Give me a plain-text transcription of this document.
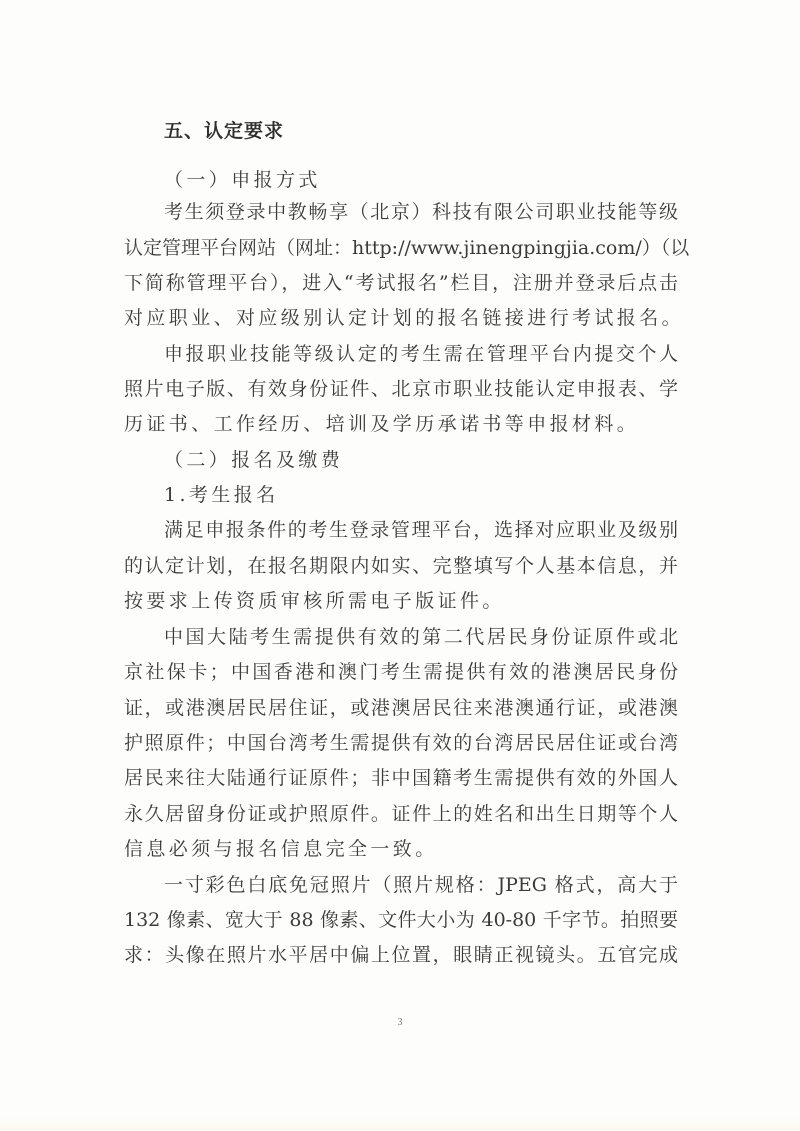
五、认定要求
（一）申报方式
考生须登录中教畅享（北京）科技有限公司职业技能等级
认定管理平台网站（网址：http://www.jinengpingjia.com/）（以
下简称管理平台），进入“考试报名”栏目，注册并登录后点击
对应职业、对应级别认定计划的报名链接进行考试报名。
申报职业技能等级认定的考生需在管理平台内提交个人
照片电子版、有效身份证件、北京市职业技能认定申报表、学
历证书、工作经历、培训及学历承诺书等申报材料。
（二）报名及缴费
1.考生报名
满足申报条件的考生登录管理平台，选择对应职业及级别
的认定计划，在报名期限内如实、完整填写个人基本信息，并
按要求上传资质审核所需电子版证件。
中国大陆考生需提供有效的第二代居民身份证原件或北
京社保卡；中国香港和澳门考生需提供有效的港澳居民身份
证，或港澳居民居住证，或港澳居民往来港澳通行证，或港澳
护照原件；中国台湾考生需提供有效的台湾居民居住证或台湾
居民来往大陆通行证原件；非中国籍考生需提供有效的外国人
永久居留身份证或护照原件。证件上的姓名和出生日期等个人
信息必须与报名信息完全一致。
一寸彩色白底免冠照片（照片规格：JPEG 格式，高大于
132 像素、宽大于 88 像素、文件大小为 40-80 千字节。拍照要
求：头像在照片水平居中偏上位置，眼睛正视镜头。五官完成
3
